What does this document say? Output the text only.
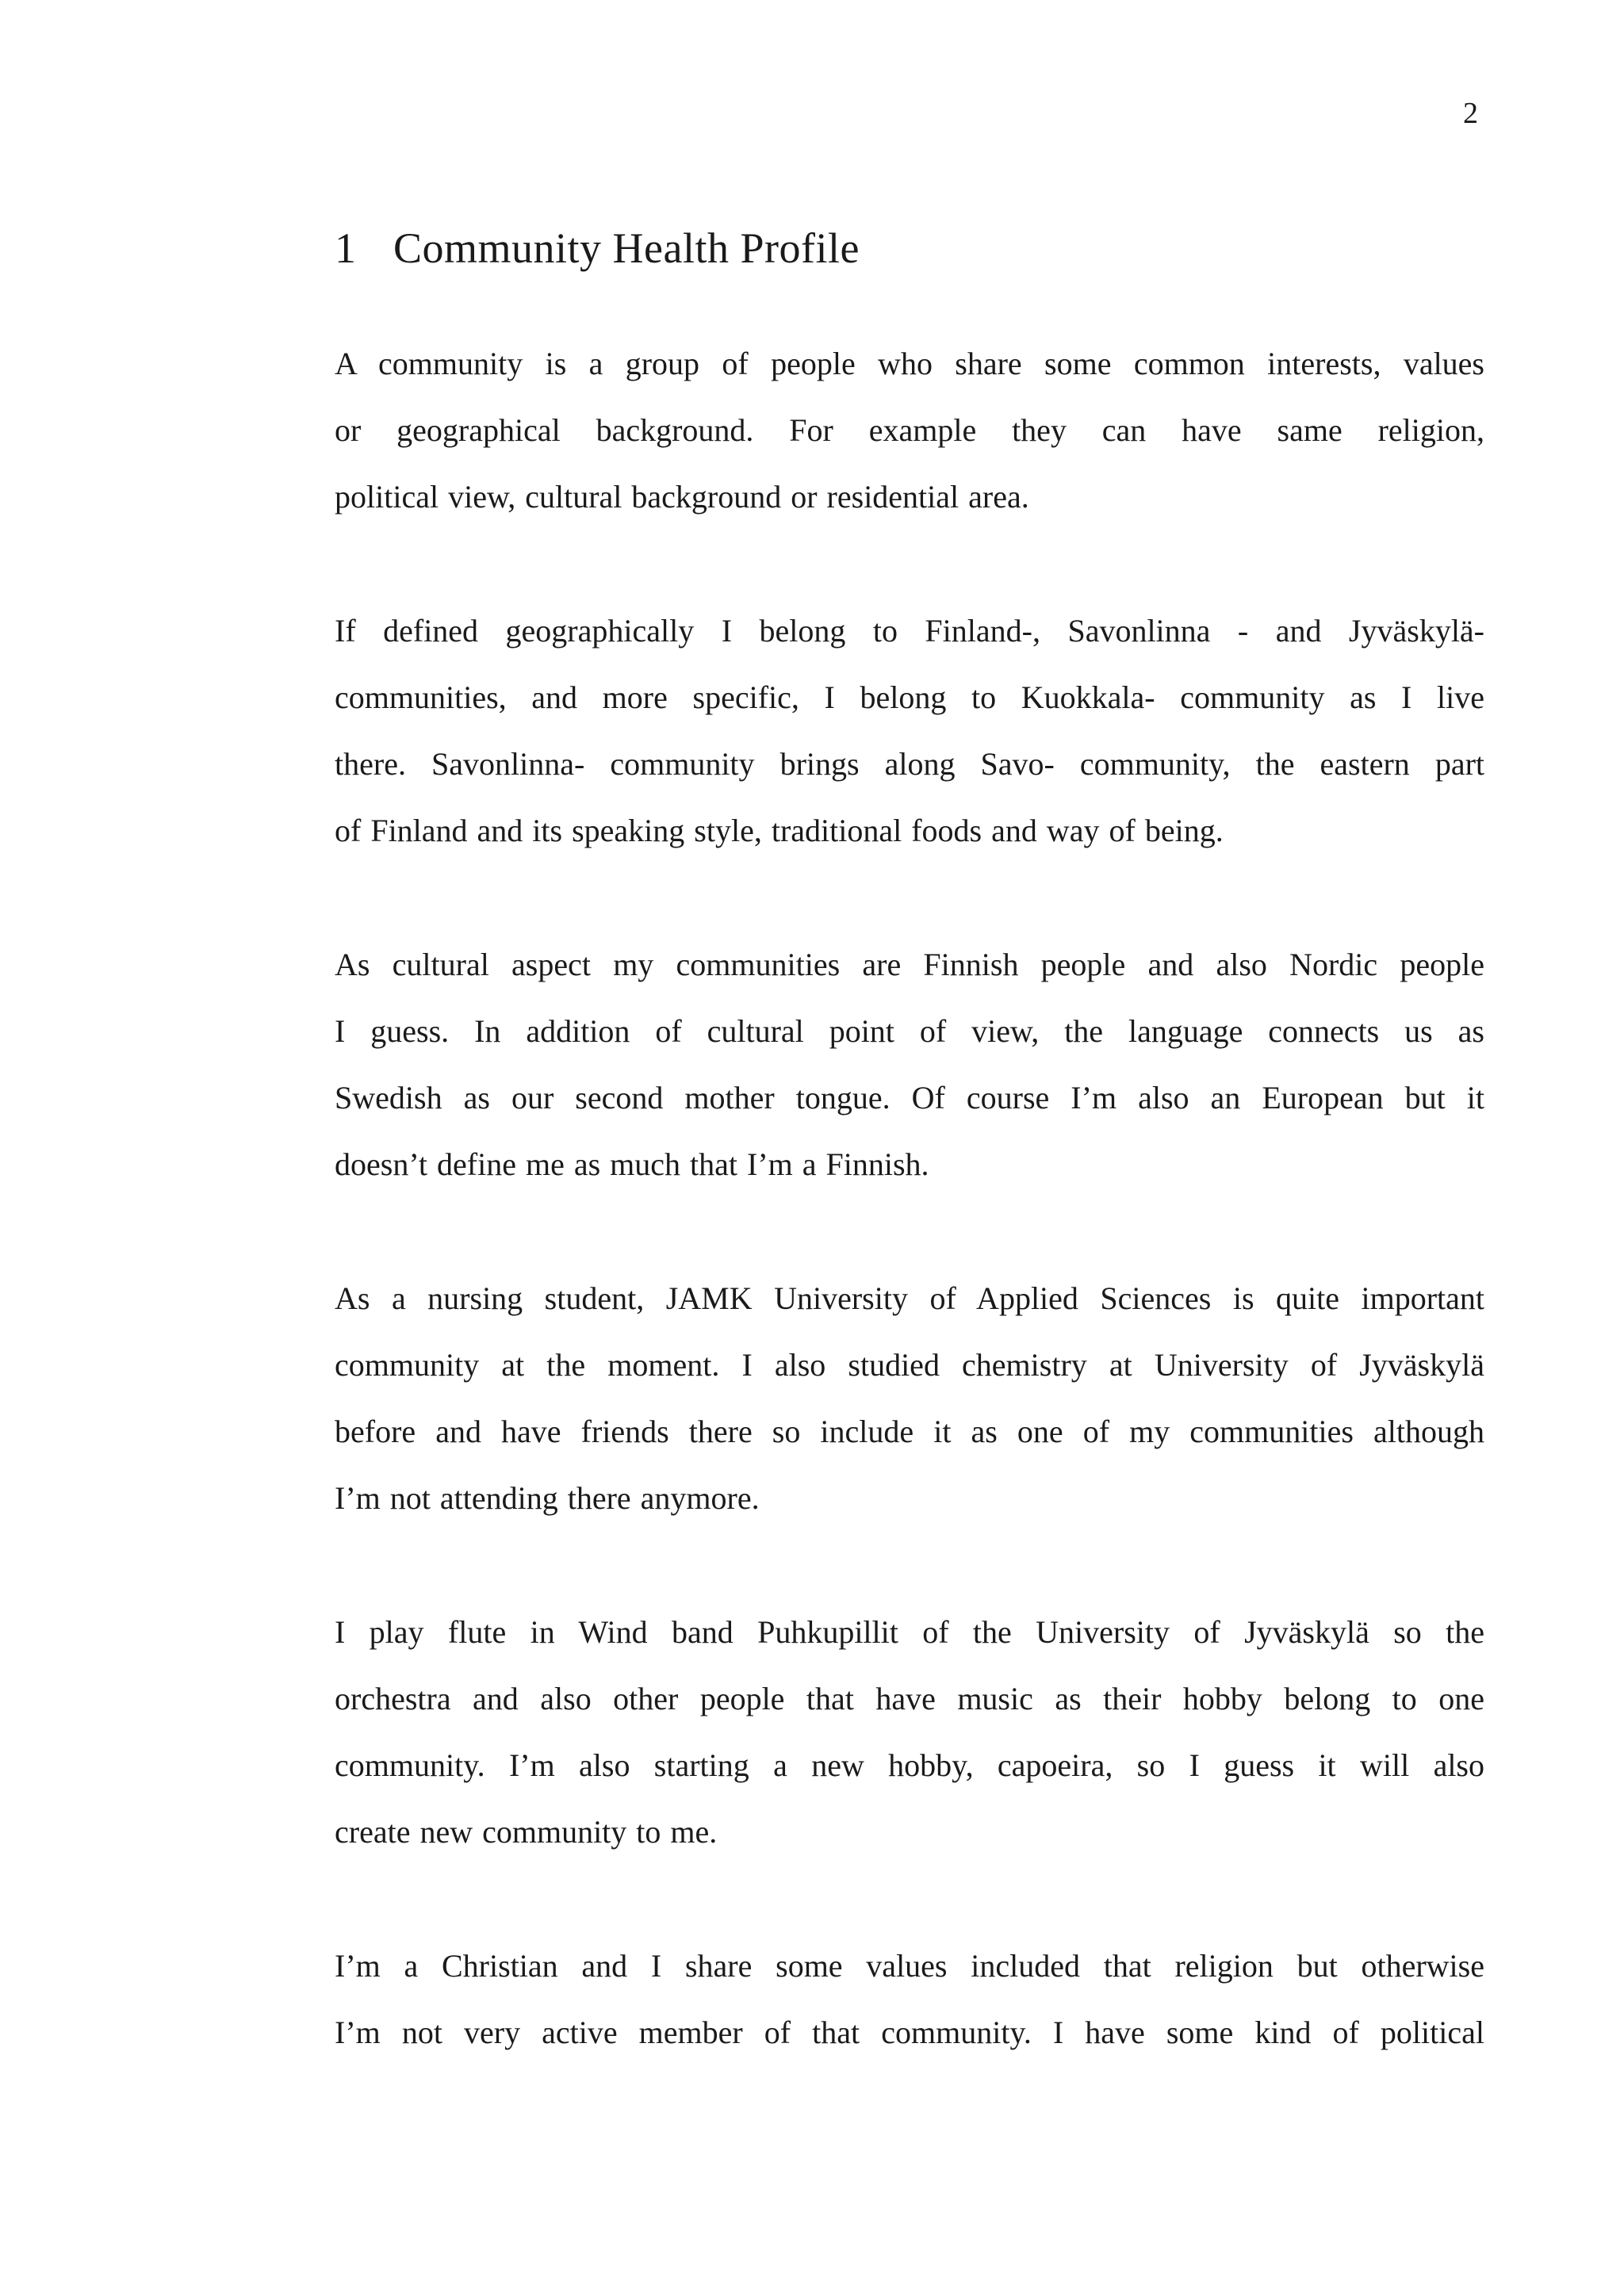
2
1 Community Health Profile

A community is a group of people who share some common interests, values

or geographical background. For example they can have same religion,

political view, cultural background or residential area.

If defined geographically I belong to Finland-, Savonlinna - and Jyväskylä-

communities, and more specific, I belong to Kuokkala- community as I live

there. Savonlinna- community brings along Savo- community, the eastern part

of Finland and its speaking style, traditional foods and way of being.

As cultural aspect my communities are Finnish people and also Nordic people

I guess. In addition of cultural point of view, the language connects us as

Swedish as our second mother tongue. Of course I’m also an European but it

doesn’t define me as much that I’m a Finnish.

As a nursing student, JAMK University of Applied Sciences is quite important

community at the moment. I also studied chemistry at University of Jyväskylä

before and have friends there so include it as one of my communities although

I’m not attending there anymore.

I play flute in Wind band Puhkupillit of the University of Jyväskylä so the

orchestra and also other people that have music as their hobby belong to one

community. I’m also starting a new hobby, capoeira, so I guess it will also

create new community to me.

I’m a Christian and I share some values included that religion but otherwise

I’m not very active member of that community. I have some kind of political
